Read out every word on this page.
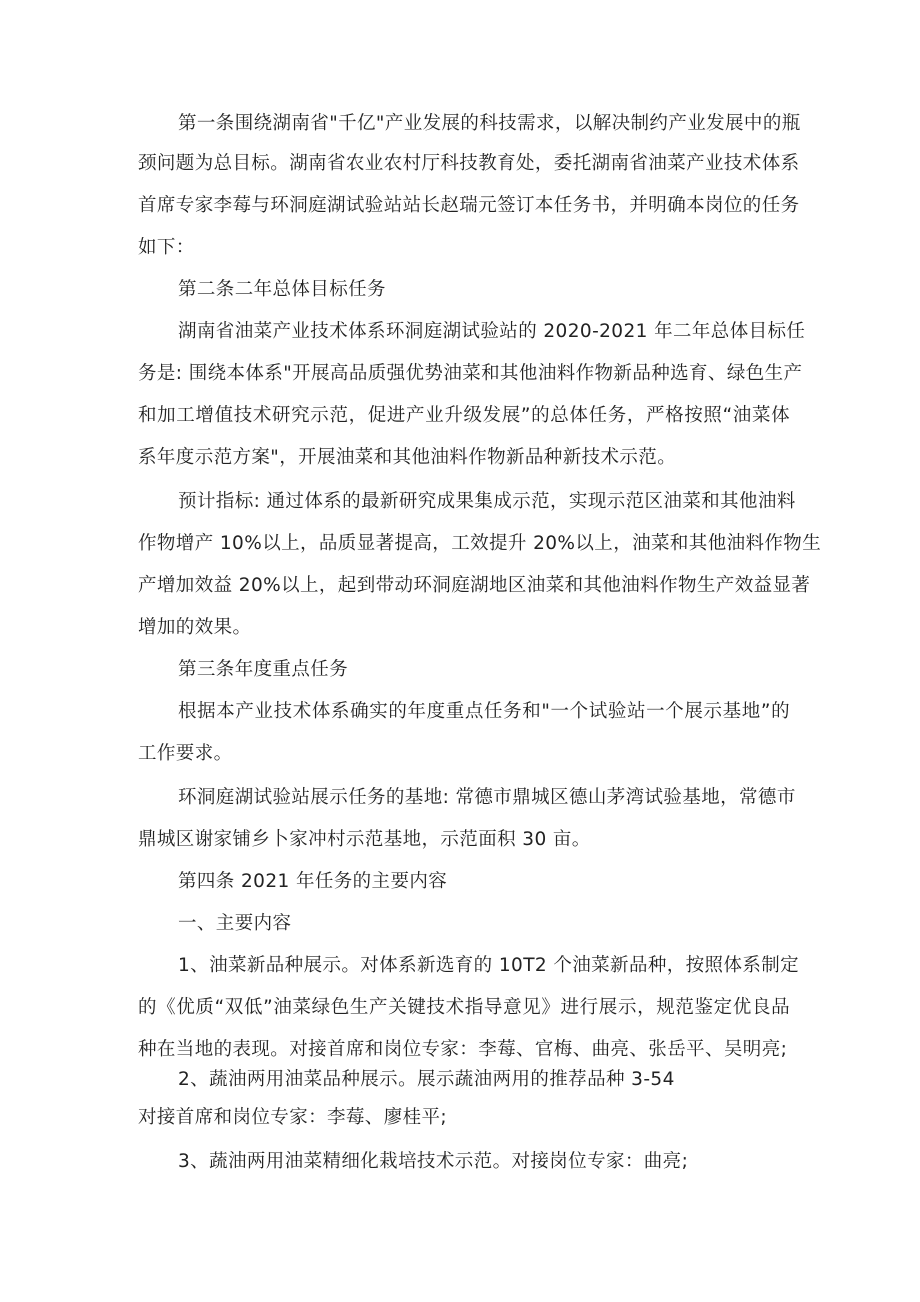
第一条围绕湖南省"千亿"产业发展的科技需求，以解决制约产业发展中的瓶
颈问题为总目标。湖南省农业农村厅科技教育处，委托湖南省油菜产业技术体系
首席专家李莓与环洞庭湖试验站站长赵瑞元签订本任务书，并明确本岗位的任务
如下：
第二条二年总体目标任务
湖南省油菜产业技术体系环洞庭湖试验站的 2020-2021 年二年总体目标任
务是: 围绕本体系"开展高品质强优势油菜和其他油料作物新品种选育、绿色生产
和加工增值技术研究示范，促进产业升级发展”的总体任务，严格按照“油菜体
系年度示范方案"，开展油菜和其他油料作物新品种新技术示范。
预计指标: 通过体系的最新研究成果集成示范，实现示范区油菜和其他油料
作物增产 10%以上，品质显著提高，工效提升 20%以上，油菜和其他油料作物生
产增加效益 20%以上，起到带动环洞庭湖地区油菜和其他油料作物生产效益显著
增加的效果。
第三条年度重点任务
根据本产业技术体系确实的年度重点任务和"一个试验站一个展示基地”的
工作要求。
环洞庭湖试验站展示任务的基地: 常德市鼎城区德山茅湾试验基地，常德市
鼎城区谢家铺乡卜家冲村示范基地，示范面积 30 亩。
第四条 2021 年任务的主要内容
一、主要内容
1、油菜新品种展示。对体系新选育的 10T2 个油菜新品种，按照体系制定
的《优质“双低”油菜绿色生产关键技术指导意见》进行展示，规范鉴定优良品
种在当地的表现。对接首席和岗位专家：李莓、官梅、曲亮、张岳平、吴明亮;
2、蔬油两用油菜品种展示。展示蔬油两用的推荐品种 3-54
对接首席和岗位专家：李莓、廖桂平;
3、蔬油两用油菜精细化栽培技术示范。对接岗位专家：曲亮;
